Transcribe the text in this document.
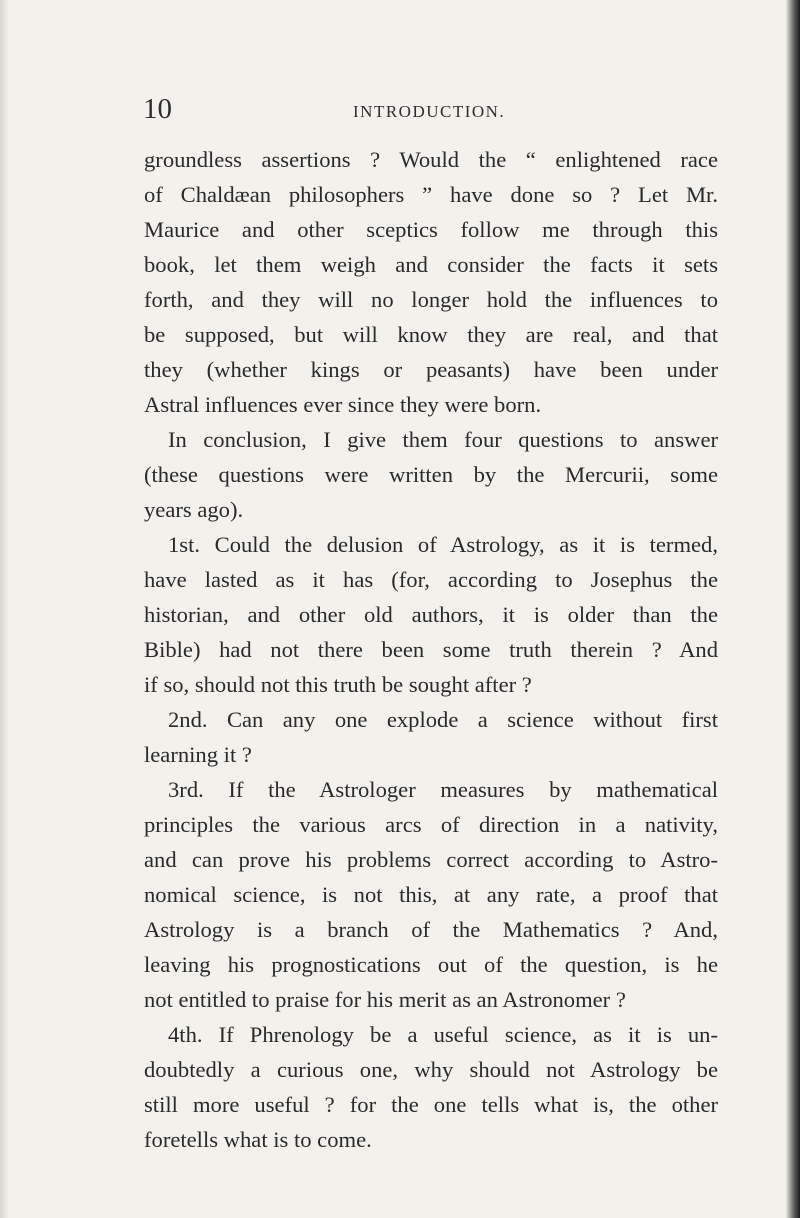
10	INTRODUCTION.
groundless assertions ? Would the “ enlightened race
of Chaldæan philosophers ” have done so ? Let Mr.
Maurice and other sceptics follow me through this
book, let them weigh and consider the facts it sets
forth, and they will no longer hold the influences to
be supposed, but will know they are real, and that
they (whether kings or peasants) have been under
Astral influences ever since they were born.
In conclusion, I give them four questions to answer
(these questions were written by the Mercurii, some
years ago).
1st. Could the delusion of Astrology, as it is termed,
have lasted as it has (for, according to Josephus the
historian, and other old authors, it is older than the
Bible) had not there been some truth therein ? And
if so, should not this truth be sought after ?
2nd. Can any one explode a science without first
learning it ?
3rd. If the Astrologer measures by mathematical
principles the various arcs of direction in a nativity,
and can prove his problems correct according to Astro-
nomical science, is not this, at any rate, a proof that
Astrology is a branch of the Mathematics ? And,
leaving his prognostications out of the question, is he
not entitled to praise for his merit as an Astronomer ?
4th. If Phrenology be a useful science, as it is un-
doubtedly a curious one, why should not Astrology be
still more useful ? for the one tells what is, the other
foretells what is to come.
